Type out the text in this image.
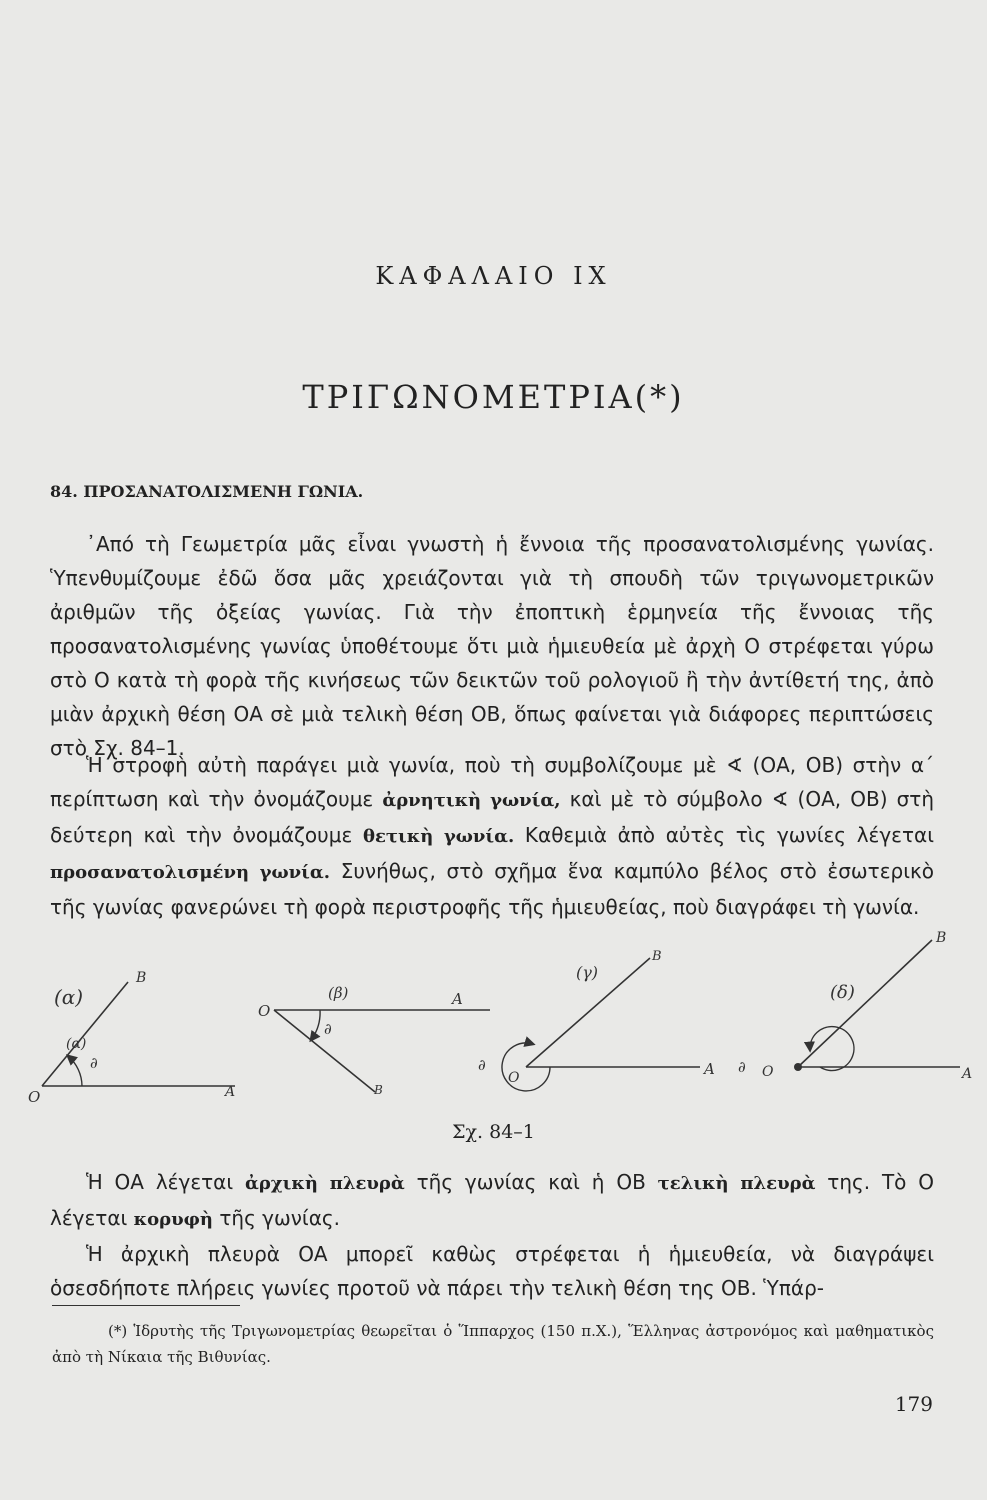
ΚΑΦΑΛΑΙΟ IX
ΤΡΙΓΩΝΟΜΕΤΡΙΑ(*)
84. ΠΡΟΣΑΝΑΤΟΛΙΣΜΕΝΗ ΓΩΝΙΑ.

᾿Από τὴ Γεωμετρία μᾶς εἶναι γνωστὴ ἡ ἔννοια τῆς προσανατολισμένης γωνίας. Ὑπενθυμίζουμε ἐδῶ ὅσα μᾶς χρειάζονται γιὰ τὴ σπουδὴ τῶν τριγωνομετρικῶν ἀριθμῶν τῆς ὀξείας γωνίας. Γιὰ τὴν ἐποπτικὴ ἑρμηνεία τῆς ἔννοιας τῆς προσανατολισμένης γωνίας ὑποθέτουμε ὅτι μιὰ ἡμιευθεία μὲ ἀρχὴ Ο στρέφεται γύρω στὸ Ο κατὰ τὴ φορὰ τῆς κινήσεως τῶν δεικτῶν τοῦ ρολογιοῦ ἢ τὴν ἀντίθετή της, ἀπὸ μιὰν ἀρχικὴ θέση ΟΑ σὲ μιὰ τελικὴ θέση ΟΒ, ὅπως φαίνεται γιὰ διάφορες περιπτώσεις στὸ Σχ. 84–1.

Ἡ στροφὴ αὐτὴ παράγει μιὰ γωνία, ποὺ τὴ συμβολίζουμε μὲ ∢ (ΟΑ, ΟΒ) στὴν α΄ περίπτωση καὶ τὴν ὀνομάζουμε ἀρνητικὴ γωνία, καὶ μὲ τὸ σύμβολο ∢ (ΟΑ, ΟΒ) στὴ δεύτερη καὶ τὴν ὀνομάζουμε θετικὴ γωνία. Καθεμιὰ ἀπὸ αὐτὲς τὶς γωνίες λέγεται προσανατολισμένη γωνία. Συνήθως, στὸ σχῆμα ἕνα καμπύλο βέλος στὸ ἐσωτερικὸ τῆς γωνίας φανερώνει τὴ φορὰ περιστροφῆς τῆς ἡμιευθείας, ποὺ διαγράφει τὴ γωνία.

(α)
(α)
∂
O	A
B
(β)
∂
O
A
B
(γ)
∂
O	A
B
(δ)
∂ O	A
B
Σχ. 84–1

Ἡ ΟΑ λέγεται ἀρχικὴ πλευρὰ τῆς γωνίας καὶ ἡ ΟΒ τελικὴ πλευρὰ της. Τὸ Ο λέγεται κορυφὴ τῆς γωνίας.

Ἡ ἀρχικὴ πλευρὰ ΟΑ μπορεῖ καθὼς στρέφεται ἡ ἡμιευθεία, νὰ διαγράψει ὁσεσδήποτε πλήρεις γωνίες προτοῦ νὰ πάρει τὴν τελικὴ θέση της ΟΒ. Ὑπάρ-

(*) Ἱδρυτὴς τῆς Τριγωνομετρίας θεωρεῖται ὁ Ἵππαρχος (150 π.Χ.), Ἕλληνας ἀστρονόμος καὶ μαθηματικὸς ἀπὸ τὴ Νίκαια τῆς Βιθυνίας.
179
